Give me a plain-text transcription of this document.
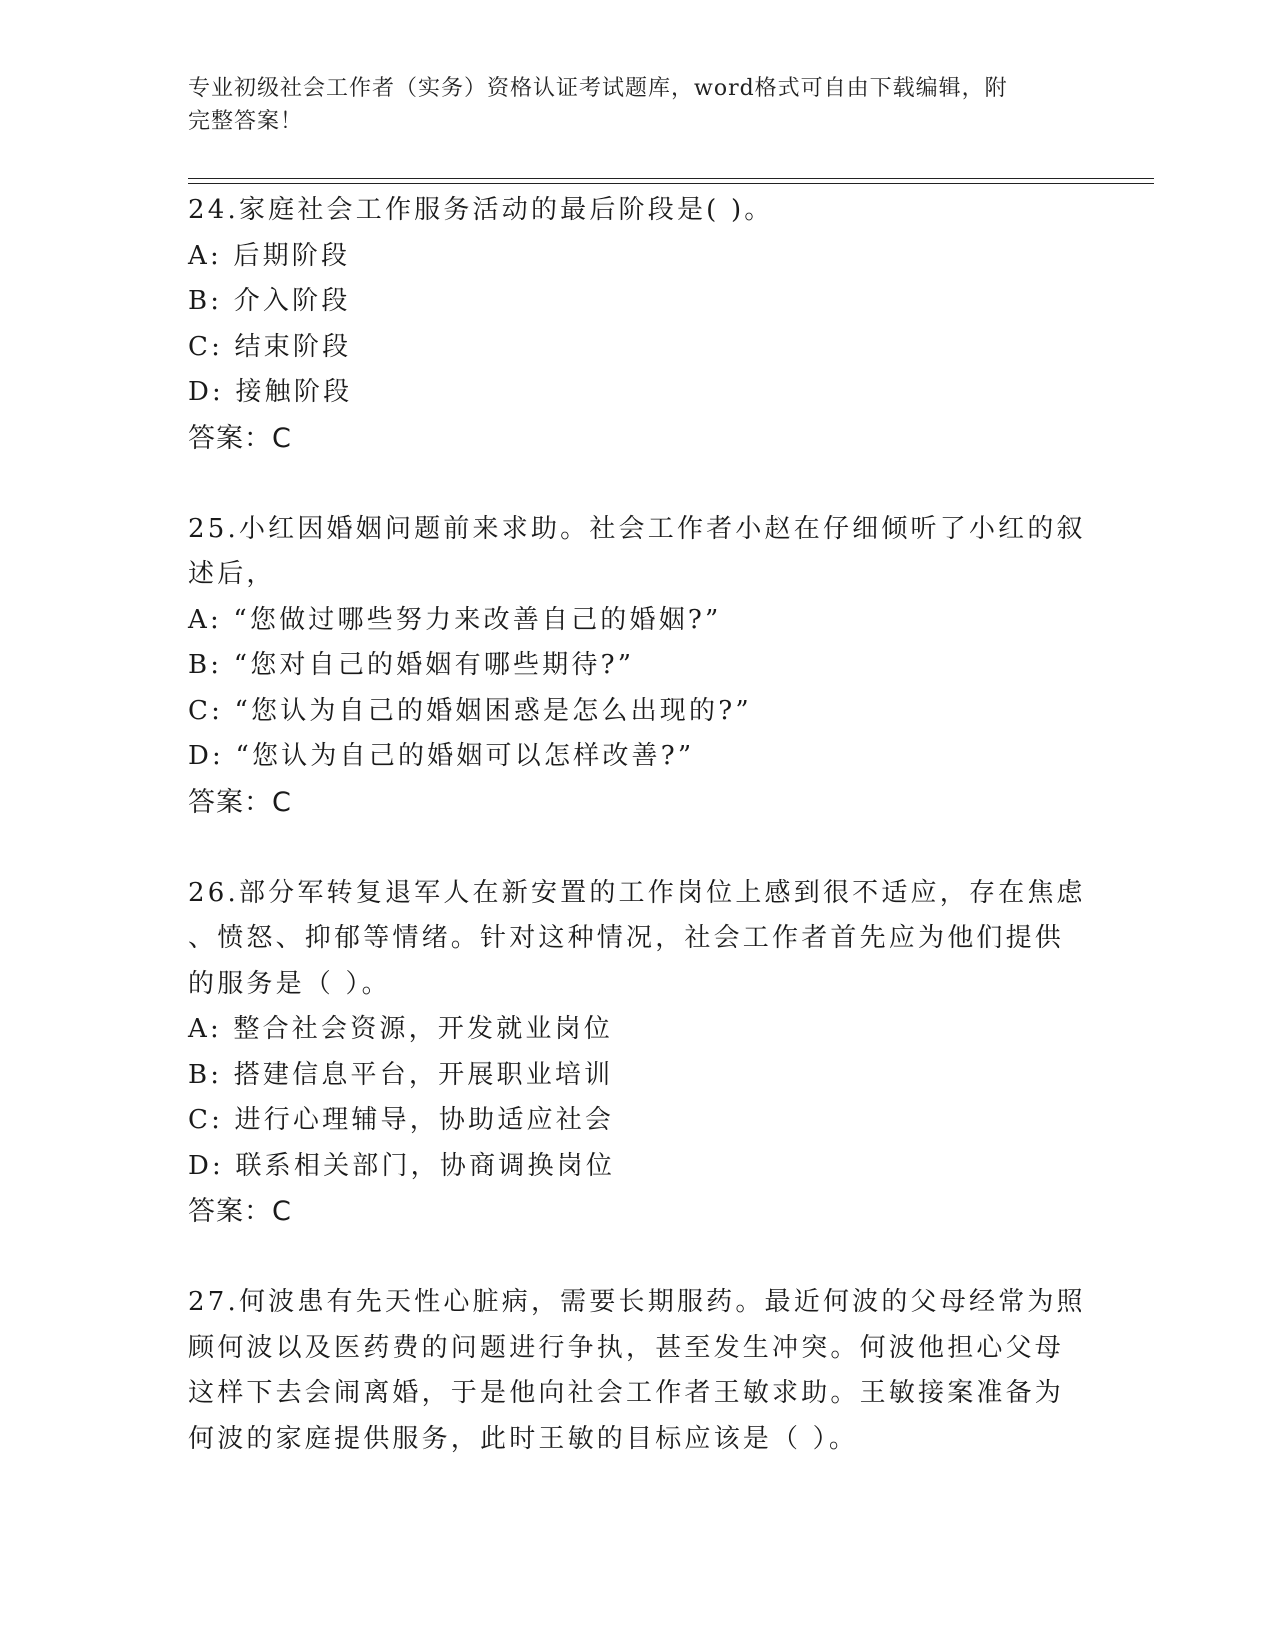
专业初级社会工作者（实务）资格认证考试题库，word格式可自由下载编辑，附
完整答案！
24.家庭社会工作服务活动的最后阶段是( )。
A: 后期阶段
B: 介入阶段
C: 结束阶段
D: 接触阶段
答案：C
25.小红因婚姻问题前来求助。社会工作者小赵在仔细倾听了小红的叙
述后，
A: “您做过哪些努力来改善自己的婚姻?”
B: “您对自己的婚姻有哪些期待?”
C: “您认为自己的婚姻困惑是怎么出现的?”
D: “您认为自己的婚姻可以怎样改善?”
答案：C
26.部分军转复退军人在新安置的工作岗位上感到很不适应，存在焦虑
、愤怒、抑郁等情绪。针对这种情况，社会工作者首先应为他们提供
的服务是（ ）。
A: 整合社会资源，开发就业岗位
B: 搭建信息平台，开展职业培训
C: 进行心理辅导，协助适应社会
D: 联系相关部门，协商调换岗位
答案：C
27.何波患有先天性心脏病，需要长期服药。最近何波的父母经常为照
顾何波以及医药费的问题进行争执，甚至发生冲突。何波他担心父母
这样下去会闹离婚，于是他向社会工作者王敏求助。王敏接案准备为
何波的家庭提供服务，此时王敏的目标应该是（ ）。
